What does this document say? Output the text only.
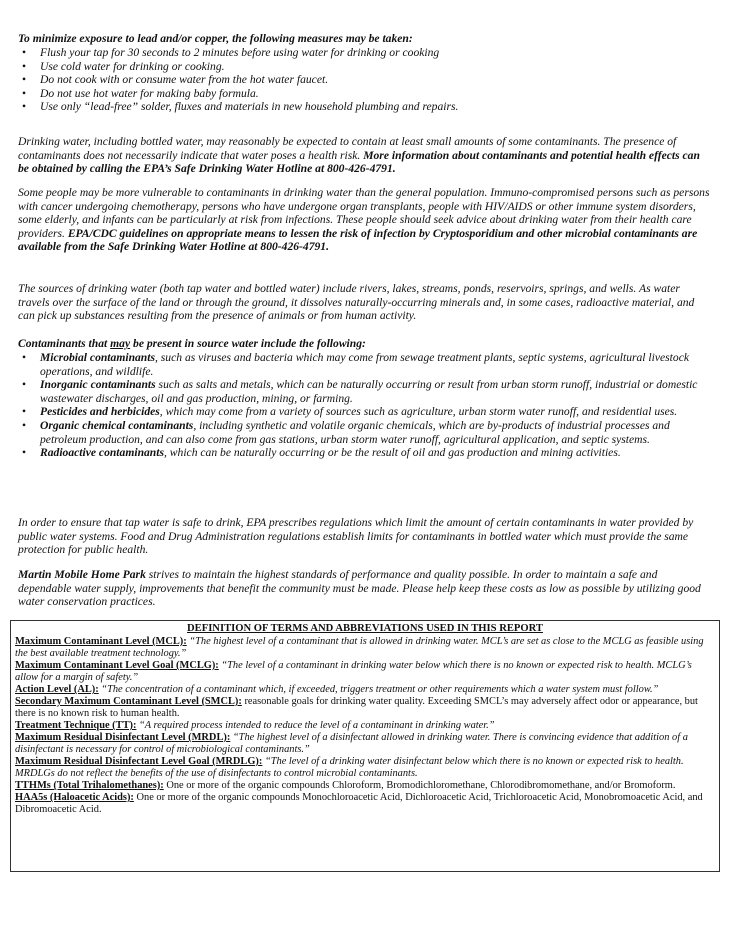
To minimize exposure to lead and/or copper, the following measures may be taken:

• Flush your tap for 30 seconds to 2 minutes before using water for drinking or cooking
• Use cold water for drinking or cooking.
• Do not cook with or consume water from the hot water faucet.
• Do not use hot water for making baby formula.
• Use only “lead-free” solder, fluxes and materials in new household plumbing and repairs.

Drinking water, including bottled water, may reasonably be expected to contain at least small amounts of some contaminants. The presence of contaminants does not necessarily indicate that water poses a health risk. More information about contaminants and potential health effects can be obtained by calling the EPA’s Safe Drinking Water Hotline at 800-426-4791.

Some people may be more vulnerable to contaminants in drinking water than the general population. Immuno-compromised persons such as persons with cancer undergoing chemotherapy, persons who have undergone organ transplants, people with HIV/AIDS or other immune system disorders, some elderly, and infants can be particularly at risk from infections. These people should seek advice about drinking water from their health care providers. EPA/CDC guidelines on appropriate means to lessen the risk of infection by Cryptosporidium and other microbial contaminants are available from the Safe Drinking Water Hotline at 800-426-4791.

The sources of drinking water (both tap water and bottled water) include rivers, lakes, streams, ponds, reservoirs, springs, and wells. As water travels over the surface of the land or through the ground, it dissolves naturally-occurring minerals and, in some cases, radioactive material, and can pick up substances resulting from the presence of animals or from human activity.

Contaminants that may be present in source water include the following:

• Microbial contaminants, such as viruses and bacteria which may come from sewage treatment plants, septic systems, agricultural livestock operations, and wildlife.
• Inorganic contaminants such as salts and metals, which can be naturally occurring or result from urban storm runoff, industrial or domestic wastewater discharges, oil and gas production, mining, or farming.
• Pesticides and herbicides, which may come from a variety of sources such as agriculture, urban storm water runoff, and residential uses.
• Organic chemical contaminants, including synthetic and volatile organic chemicals, which are by-products of industrial processes and petroleum production, and can also come from gas stations, urban storm water runoff, agricultural application, and septic systems.
• Radioactive contaminants, which can be naturally occurring or be the result of oil and gas production and mining activities.

In order to ensure that tap water is safe to drink, EPA prescribes regulations which limit the amount of certain contaminants in water provided by public water systems. Food and Drug Administration regulations establish limits for contaminants in bottled water which must provide the same protection for public health.

Martin Mobile Home Park strives to maintain the highest standards of performance and quality possible. In order to maintain a safe and dependable water supply, improvements that benefit the community must be made. Please help keep these costs as low as possible by utilizing good water conservation practices.

DEFINITION OF TERMS AND ABBREVIATIONS USED IN THIS REPORT
Maximum Contaminant Level (MCL): “The highest level of a contaminant that is allowed in drinking water. MCL’s are set as close to the MCLG as feasible using the best available treatment technology.”
Maximum Contaminant Level Goal (MCLG): “The level of a contaminant in drinking water below which there is no known or expected risk to health. MCLG’s allow for a margin of safety.”
Action Level (AL): “The concentration of a contaminant which, if exceeded, triggers treatment or other requirements which a water system must follow.”
Secondary Maximum Contaminant Level (SMCL): reasonable goals for drinking water quality. Exceeding SMCL’s may adversely affect odor or appearance, but there is no known risk to human health.
Treatment Technique (TT): “A required process intended to reduce the level of a contaminant in drinking water.”
Maximum Residual Disinfectant Level (MRDL): “The highest level of a disinfectant allowed in drinking water. There is convincing evidence that addition of a disinfectant is necessary for control of microbiological contaminants.”
Maximum Residual Disinfectant Level Goal (MRDLG): “The level of a drinking water disinfectant below which there is no known or expected risk to health. MRDLGs do not reflect the benefits of the use of disinfectants to control microbial contaminants.
TTHMs (Total Trihalomethanes): One or more of the organic compounds Chloroform, Bromodichloromethane, Chlorodibromomethane, and/or Bromoform.
HAA5s (Haloacetic Acids): One or more of the organic compounds Monochloroacetic Acid, Dichloroacetic Acid, Trichloroacetic Acid, Monobromoacetic Acid, and Dibromoacetic Acid.
